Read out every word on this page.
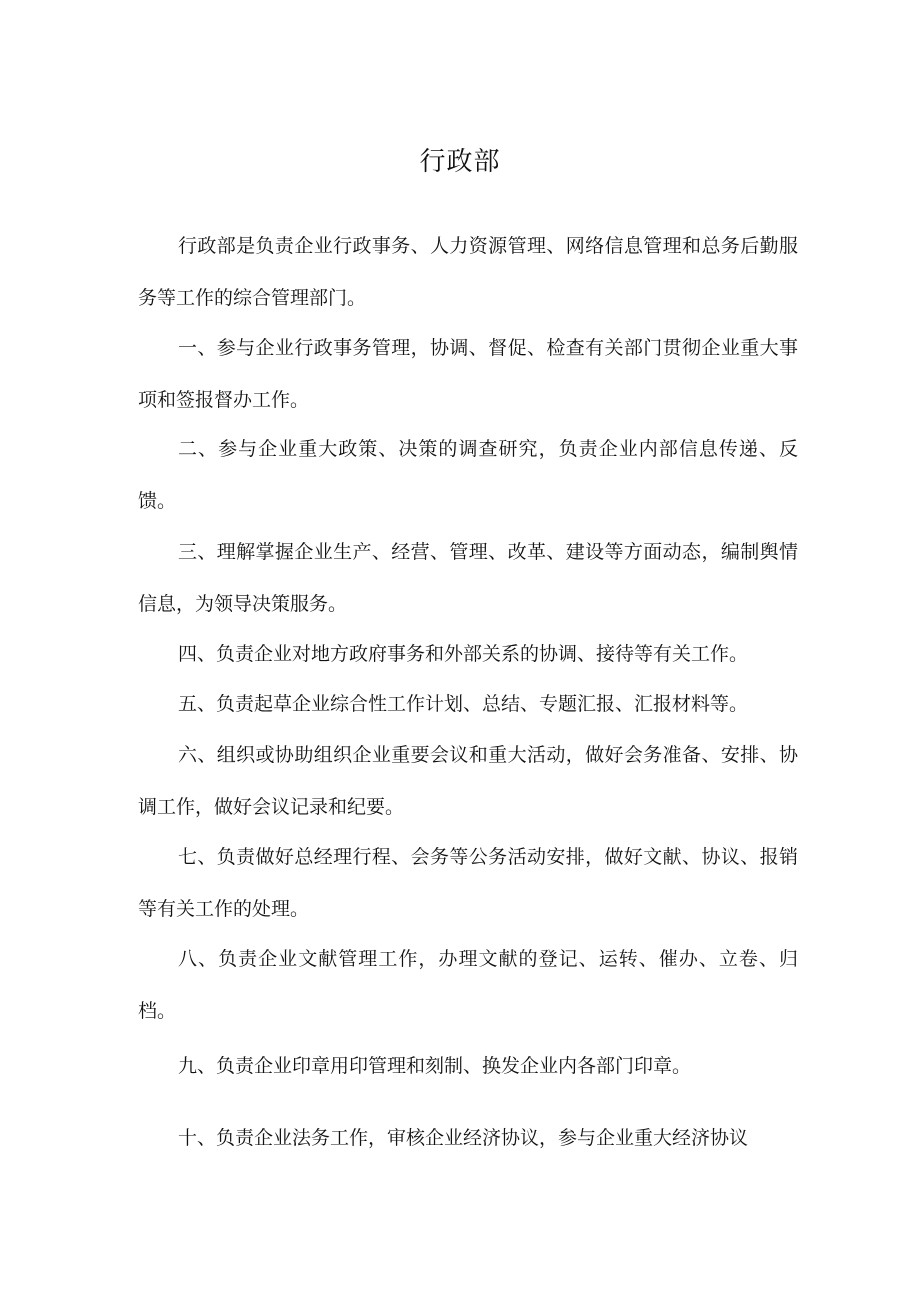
行政部

行政部是负责企业行政事务、人力资源管理、网络信息管理和总务后勤服务等工作的综合管理部门。

一、参与企业行政事务管理，协调、督促、检查有关部门贯彻企业重大事项和签报督办工作。

二、参与企业重大政策、决策的调查研究，负责企业内部信息传递、反馈。

三、理解掌握企业生产、经营、管理、改革、建设等方面动态，编制舆情信息，为领导决策服务。

四、负责企业对地方政府事务和外部关系的协调、接待等有关工作。

五、负责起草企业综合性工作计划、总结、专题汇报、汇报材料等。

六、组织或协助组织企业重要会议和重大活动，做好会务准备、安排、协调工作，做好会议记录和纪要。

七、负责做好总经理行程、会务等公务活动安排，做好文献、协议、报销等有关工作的处理。

八、负责企业文献管理工作，办理文献的登记、运转、催办、立卷、归档。

九、负责企业印章用印管理和刻制、换发企业内各部门印章。

十、负责企业法务工作，审核企业经济协议，参与企业重大经济协议
